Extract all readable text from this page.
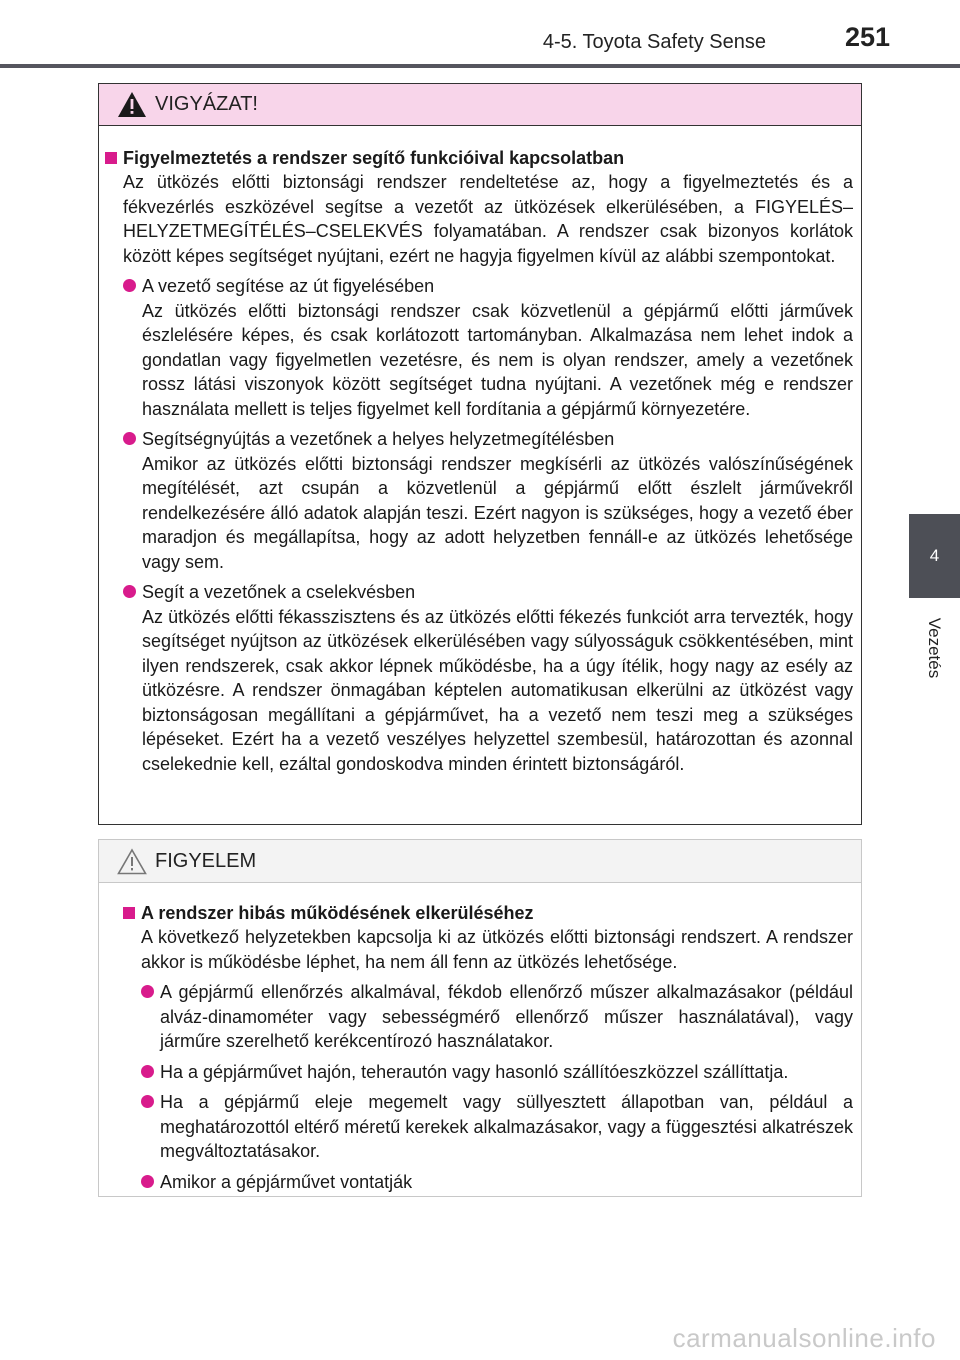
4-5. Toyota Safety Sense	251
4
Vezetés
VIGYÁZAT!
Figyelmeztetés a rendszer segítő funkcióival kapcsolatban

Az ütközés előtti biztonsági rendszer rendeltetése az, hogy a figyelmeztetés és a fékvezérlés eszközével segítse a vezetőt az ütközések elkerülésében, a FIGYELÉS–HELYZETMEGÍTÉLÉS–CSELEKVÉS folyamatában. A rendszer csak bizonyos korlátok között képes segítséget nyújtani, ezért ne hagyja figyelmen kívül az alábbi szempontokat.

A vezető segítése az út figyelésében
Az ütközés előtti biztonsági rendszer csak közvetlenül a gépjármű előtti járművek észlelésére képes, és csak korlátozott tartományban. Alkalmazása nem lehet indok a gondatlan vagy figyelmetlen vezetésre, és nem is olyan rendszer, amely a vezetőnek rossz látási viszonyok között segítséget tudna nyújtani. A vezetőnek még e rendszer használata mellett is teljes figyelmet kell fordítania a gépjármű környezetére.
Segítségnyújtás a vezetőnek a helyes helyzetmegítélésben
Amikor az ütközés előtti biztonsági rendszer megkísérli az ütközés valószínűségének megítélését, azt csupán a közvetlenül a gépjármű előtt észlelt járművekről rendelkezésére álló adatok alapján teszi. Ezért nagyon is szükséges, hogy a vezető éber maradjon és megállapítsa, hogy az adott helyzetben fennáll-e az ütközés lehetősége vagy sem.
Segít a vezetőnek a cselekvésben
Az ütközés előtti fékasszisztens és az ütközés előtti fékezés funkciót arra tervezték, hogy segítséget nyújtson az ütközések elkerülésében vagy súlyosságuk csökkentésében, mint ilyen rendszerek, csak akkor lépnek működésbe, ha a úgy ítélik, hogy nagy az esély az ütközésre. A rendszer önmagában képtelen automatikusan elkerülni az ütközést vagy biztonságosan megállítani a gépjárművet, ha a vezető nem teszi meg a szükséges lépéseket. Ezért ha a vezető veszélyes helyzettel szembesül, határozottan és azonnal cselekednie kell, ezáltal gondoskodva minden érintett biztonságáról.
FIGYELEM
A rendszer hibás működésének elkerüléséhez

A következő helyzetekben kapcsolja ki az ütközés előtti biztonsági rendszert. A rendszer akkor is működésbe léphet, ha nem áll fenn az ütközés lehetősége.

A gépjármű ellenőrzés alkalmával, fékdob ellenőrző műszer alkalmazásakor (például alváz-dinamométer vagy sebességmérő ellenőrző műszer használatával), vagy járműre szerelhető kerékcentírozó használatakor.
Ha a gépjárművet hajón, teherautón vagy hasonló szállítóeszközzel szállíttatja.
Ha a gépjármű eleje megemelt vagy süllyesztett állapotban van, például a meghatározottól eltérő méretű kerekek alkalmazásakor, vagy a függesztési alkatrészek megváltoztatásakor.
Amikor a gépjárművet vontatják
carmanualsonline.info
